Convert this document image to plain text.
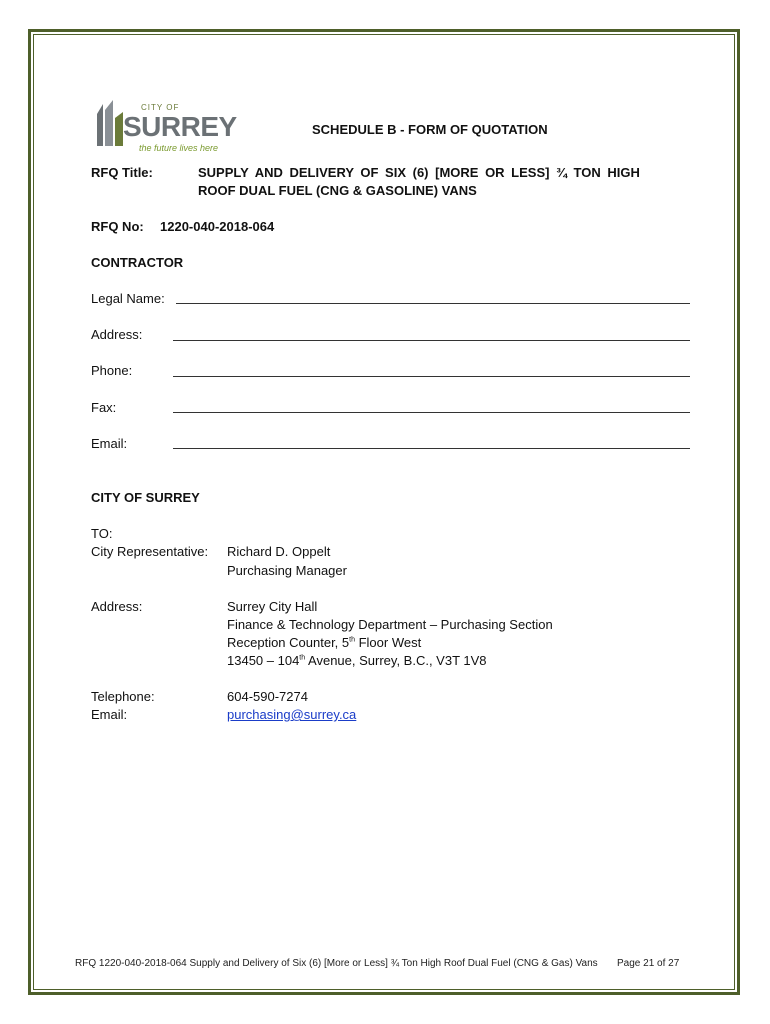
CITY OF
SURREY
the future lives here
SCHEDULE B - FORM OF QUOTATION
RFQ Title:	SUPPLY AND DELIVERY OF SIX (6) [MORE OR LESS] ¾ TON HIGH
ROOF DUAL FUEL (CNG & GASOLINE) VANS
RFQ No: 1220-040-2018-064
CONTRACTOR
Legal Name:
Address:
Phone:
Fax:
Email:
CITY OF SURREY
TO:
City Representative: Richard D. Oppelt
Purchasing Manager
Address:	Surrey City Hall
Finance & Technology Department – Purchasing Section
Reception Counter, 5th Floor West
13450 – 104th Avenue, Surrey, B.C., V3T 1V8
Telephone:	604-590-7274
Email:	purchasing@surrey.ca
RFQ 1220-040-2018-064 Supply and Delivery of Six (6) [More or Less] ¾ Ton High Roof Dual Fuel (CNG & Gas) Vans Page 21 of 27
